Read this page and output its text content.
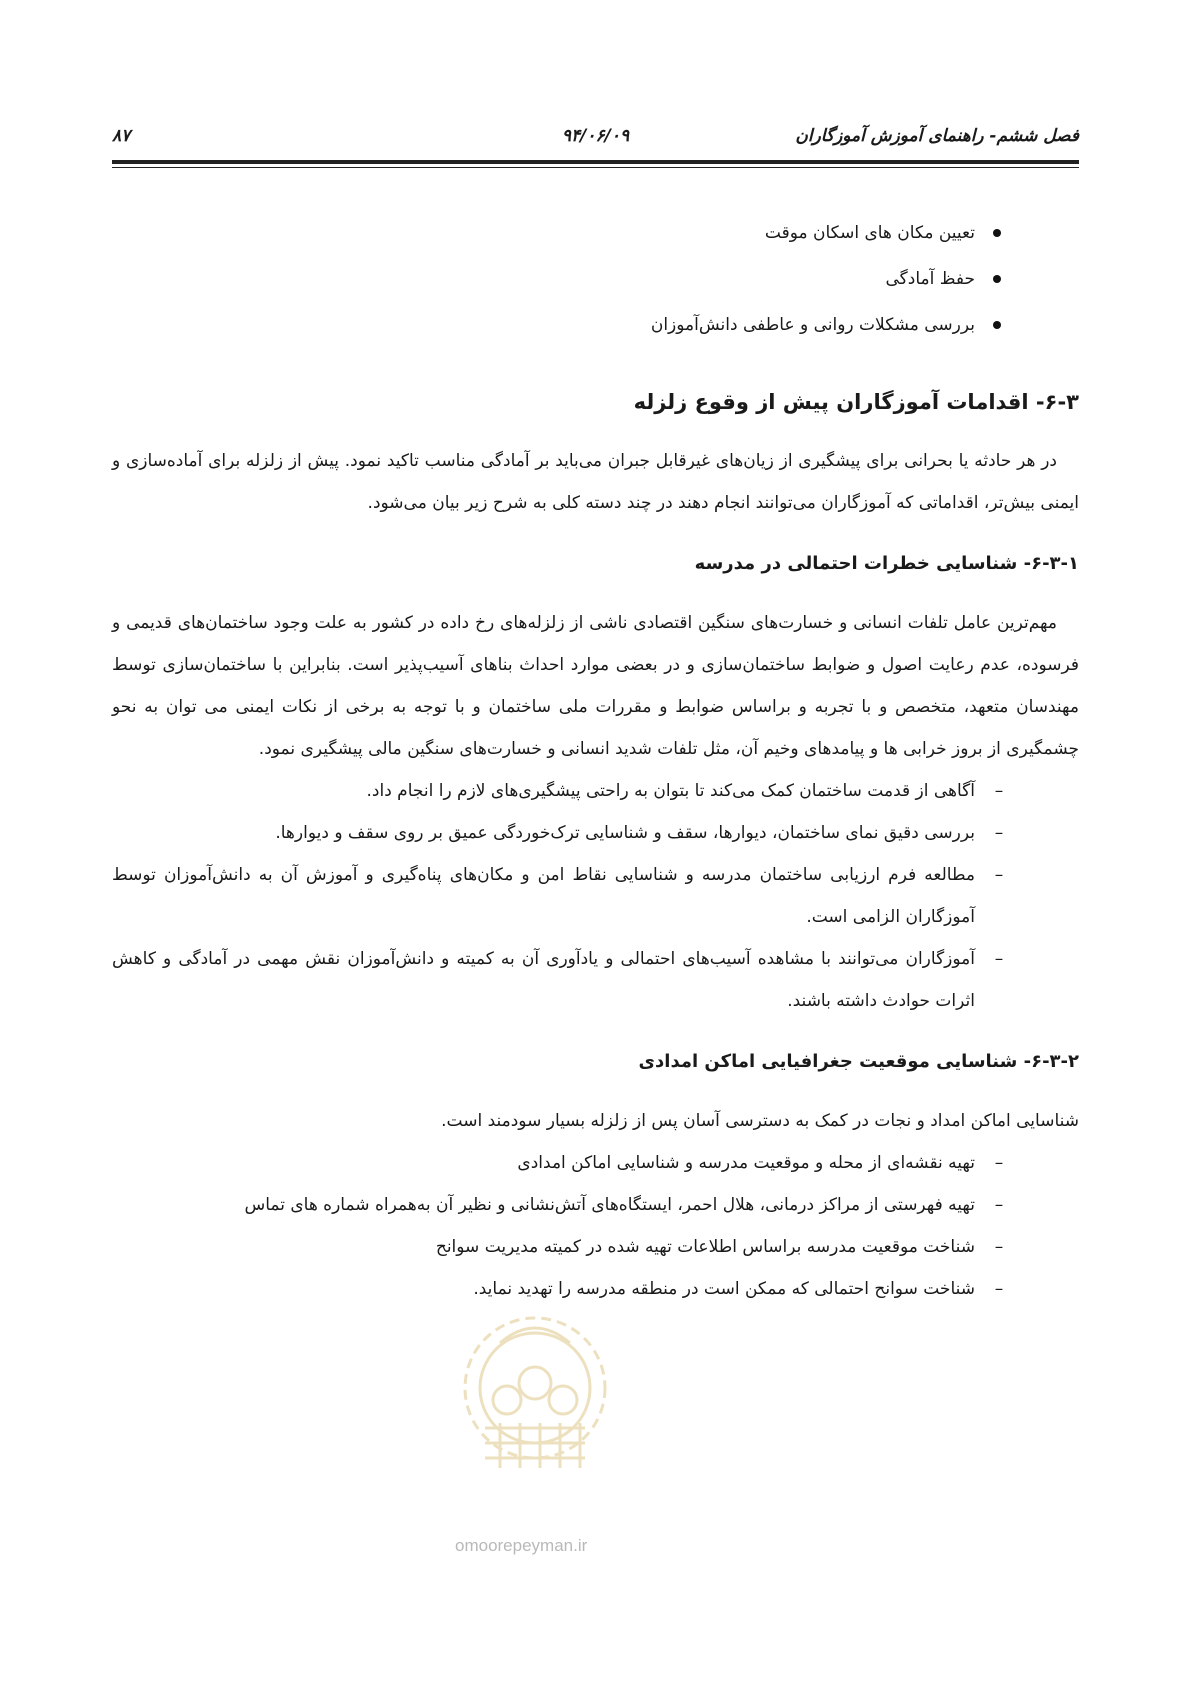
فصل ششم- راهنمای آموزش آموزگاران
۹۴/۰۶/۰۹
۸۷
تعیین مکان های اسکان موقت
حفظ آمادگی
بررسی مشکلات روانی و عاطفی دانش‌آموزان
۶-۳- اقدامات آموزگاران پیش از وقوع زلزله

در هر حادثه یا بحرانی برای پیشگیری از زیان‌های غیرقابل جبران می‌باید بر آمادگی مناسب تاکید نمود. پیش از زلزله برای آماده‌سازی و ایمنی بیش‌تر، اقداماتی که آموزگاران می‌توانند انجام دهند در چند دسته کلی به شرح زیر بیان می‌شود.

۶-۳-۱- شناسایی خطرات احتمالی در مدرسه

مهم‌ترین عامل تلفات انسانی و خسارت‌های سنگین اقتصادی ناشی از زلزله‌های رخ داده در کشور به علت وجود ساختمان‌های قدیمی و فرسوده، عدم رعایت اصول و ضوابط ساختمان‌سازی و در بعضی موارد احداث بناهای آسیب‌پذیر است. بنابراین با ساختمان‌سازی توسط مهندسان متعهد، متخصص و با تجربه و براساس ضوابط و مقررات ملی ساختمان و با توجه به برخی از نکات ایمنی می توان به نحو چشمگیری از بروز خرابی ها و پیامدهای وخیم آن، مثل تلفات شدید انسانی و خسارت‌های سنگین مالی پیشگیری نمود.

–
آگاهی از قدمت ساختمان کمک می‌کند تا بتوان به راحتی پیشگیری‌های لازم را انجام داد.
–
بررسی دقیق نمای ساختمان، دیوارها، سقف و شناسایی ترک‌خوردگی عمیق بر روی سقف و دیوارها.
–
مطالعه فرم ارزیابی ساختمان مدرسه و شناسایی نقاط امن و مکان‌های پناه‌گیری و آموزش آن به دانش‌آموزان توسط آموزگاران الزامی است.
–
آموزگاران می‌توانند با مشاهده آسیب‌های احتمالی و یادآوری آن به کمیته و دانش‌آموزان نقش مهمی در آمادگی و کاهش اثرات حوادث داشته باشند.
۶-۳-۲- شناسایی موقعیت جغرافیایی اماکن امدادی

شناسایی اماکن امداد و نجات در کمک به دسترسی آسان پس از زلزله بسیار سودمند است.

–
تهیه نقشه‌ای از محله و موقعیت مدرسه و شناسایی اماکن امدادی
–
تهیه فهرستی از مراکز درمانی، هلال احمر، ایستگاه‌های آتش‌نشانی و نظیر آن به‌همراه شماره های تماس
–
شناخت موقعیت مدرسه براساس اطلاعات تهیه شده در کمیته مدیریت سوانح
–
شناخت سوانح احتمالی که ممکن است در منطقه مدرسه را تهدید نماید.
omoorepeyman.ir
